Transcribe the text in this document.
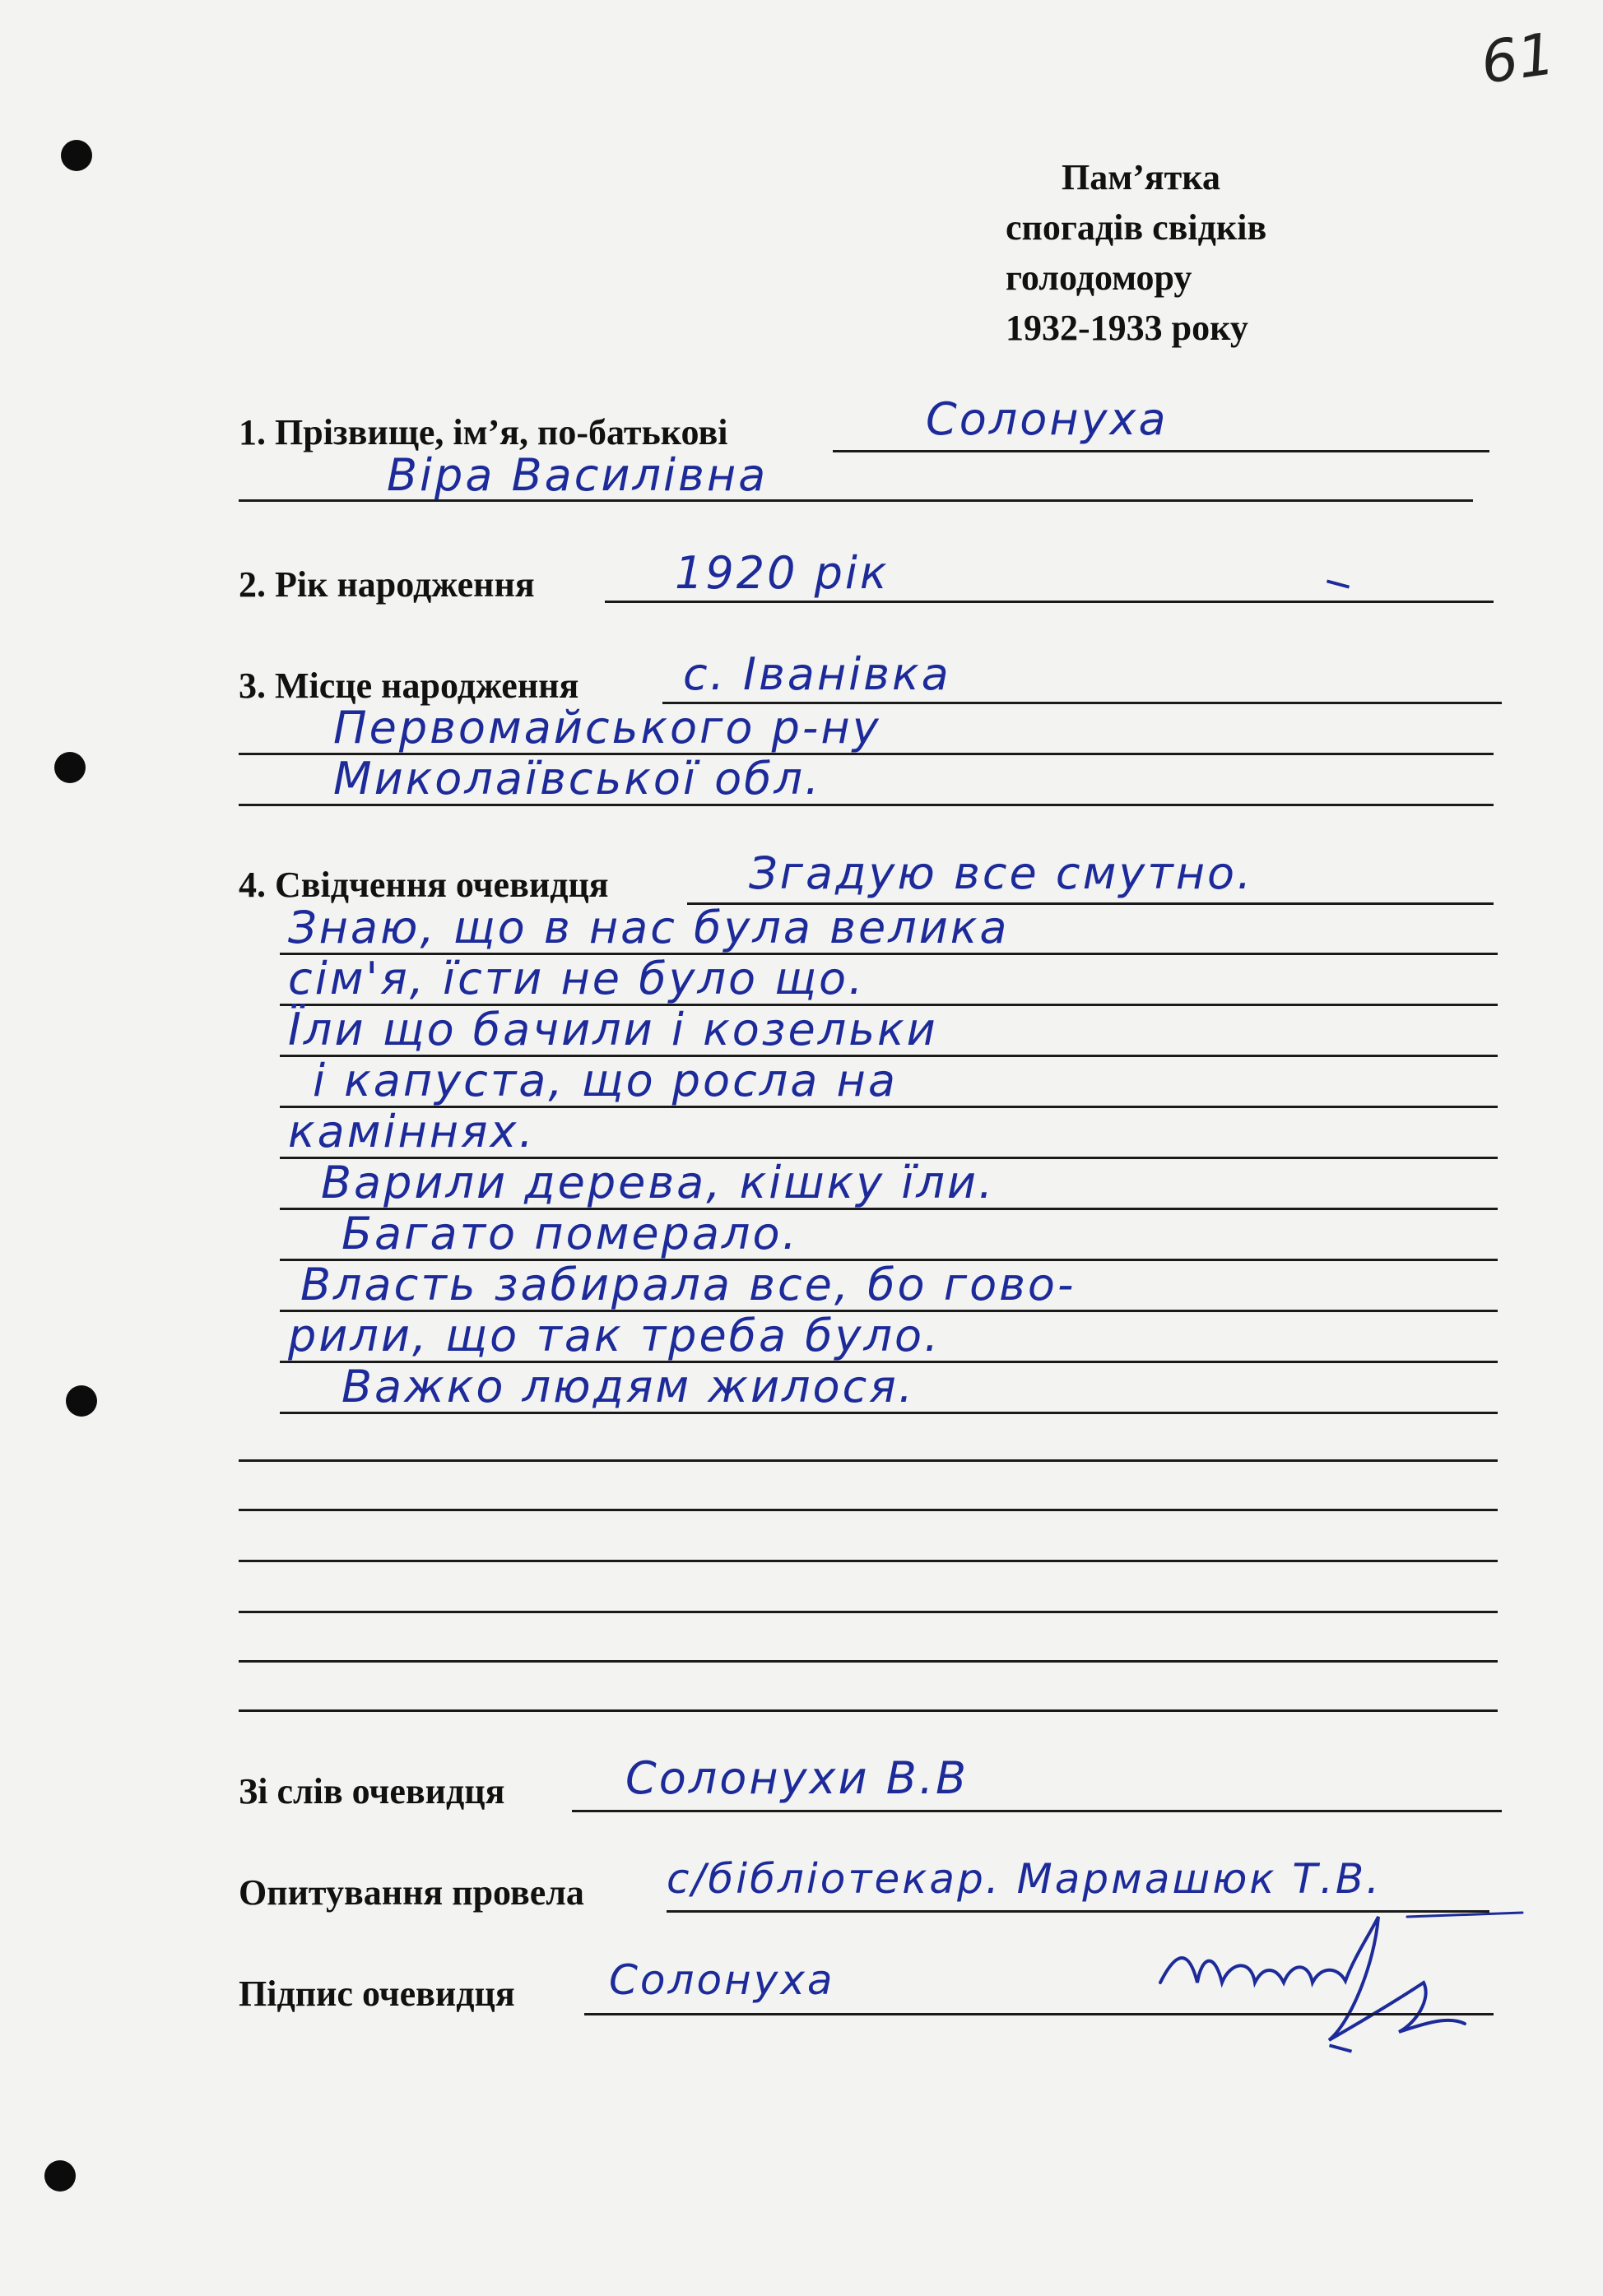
61
Пам’ятка
спогадів свідків
голодомору
1932-1933 року
1. Прізвище, ім’я, по-батькові	Солонуха
Віра Василівна
2. Рік народження	1920 рік
3. Місце народження с. Іванівка
Первомайського р-ну
Миколаївської обл.
4. Свідчення очевидця	Згадую все смутно.
Знаю, що в нас була велика
сім'я, їсти не було що.
Їли що бачили і козельки
і капуста, що росла на
каміннях.
Варили дерева, кішку їли.
Багато померало.
Власть забирала все, бо гово-
рили, що так треба було.
Важко людям жилося.
Зі слів очевидця	Солонухи В.В
Опитування провела с/бібліотекар. Мармашюк Т.В.
Підпис очевидця Солонуха
